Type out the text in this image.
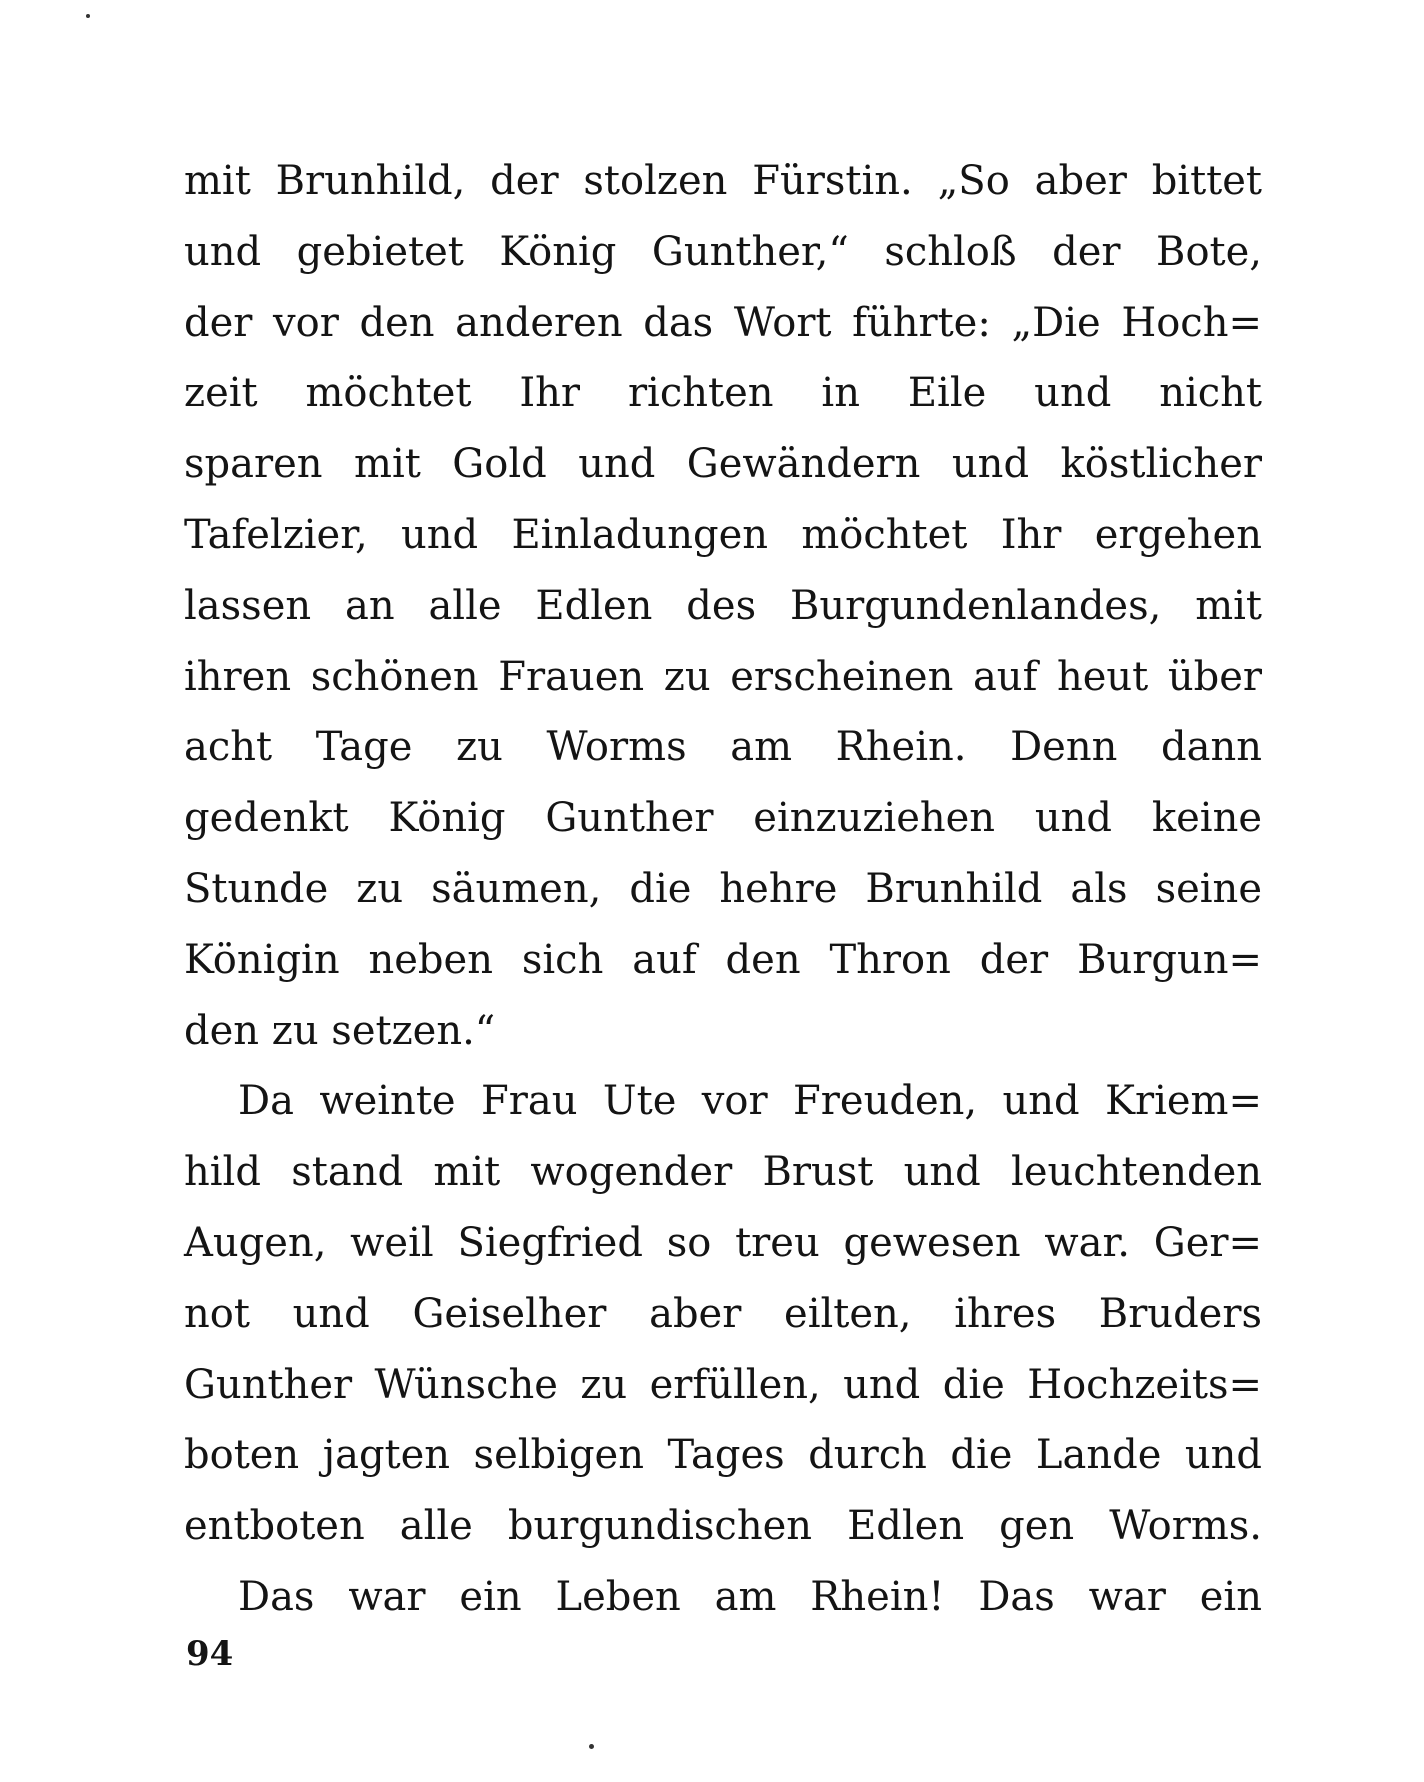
mit Brunhild, der stolzen Fürstin. „So aber bittet
und gebietet König Gunther,“ schloß der Bote,
der vor den anderen das Wort führte: „Die Hoch=
zeit möchtet Ihr richten in Eile und nicht
sparen mit Gold und Gewändern und köstlicher
Tafelzier, und Einladungen möchtet Ihr ergehen
lassen an alle Edlen des Burgundenlandes, mit
ihren schönen Frauen zu erscheinen auf heut über
acht Tage zu Worms am Rhein. Denn dann
gedenkt König Gunther einzuziehen und keine
Stunde zu säumen, die hehre Brunhild als seine
Königin neben sich auf den Thron der Burgun=
den zu setzen.“
Da weinte Frau Ute vor Freuden, und Kriem=
hild stand mit wogender Brust und leuchtenden
Augen, weil Siegfried so treu gewesen war. Ger=
not und Geiselher aber eilten, ihres Bruders
Gunther Wünsche zu erfüllen, und die Hochzeits=
boten jagten selbigen Tages durch die Lande und
entboten alle burgundischen Edlen gen Worms.
Das war ein Leben am Rhein! Das war ein
94
